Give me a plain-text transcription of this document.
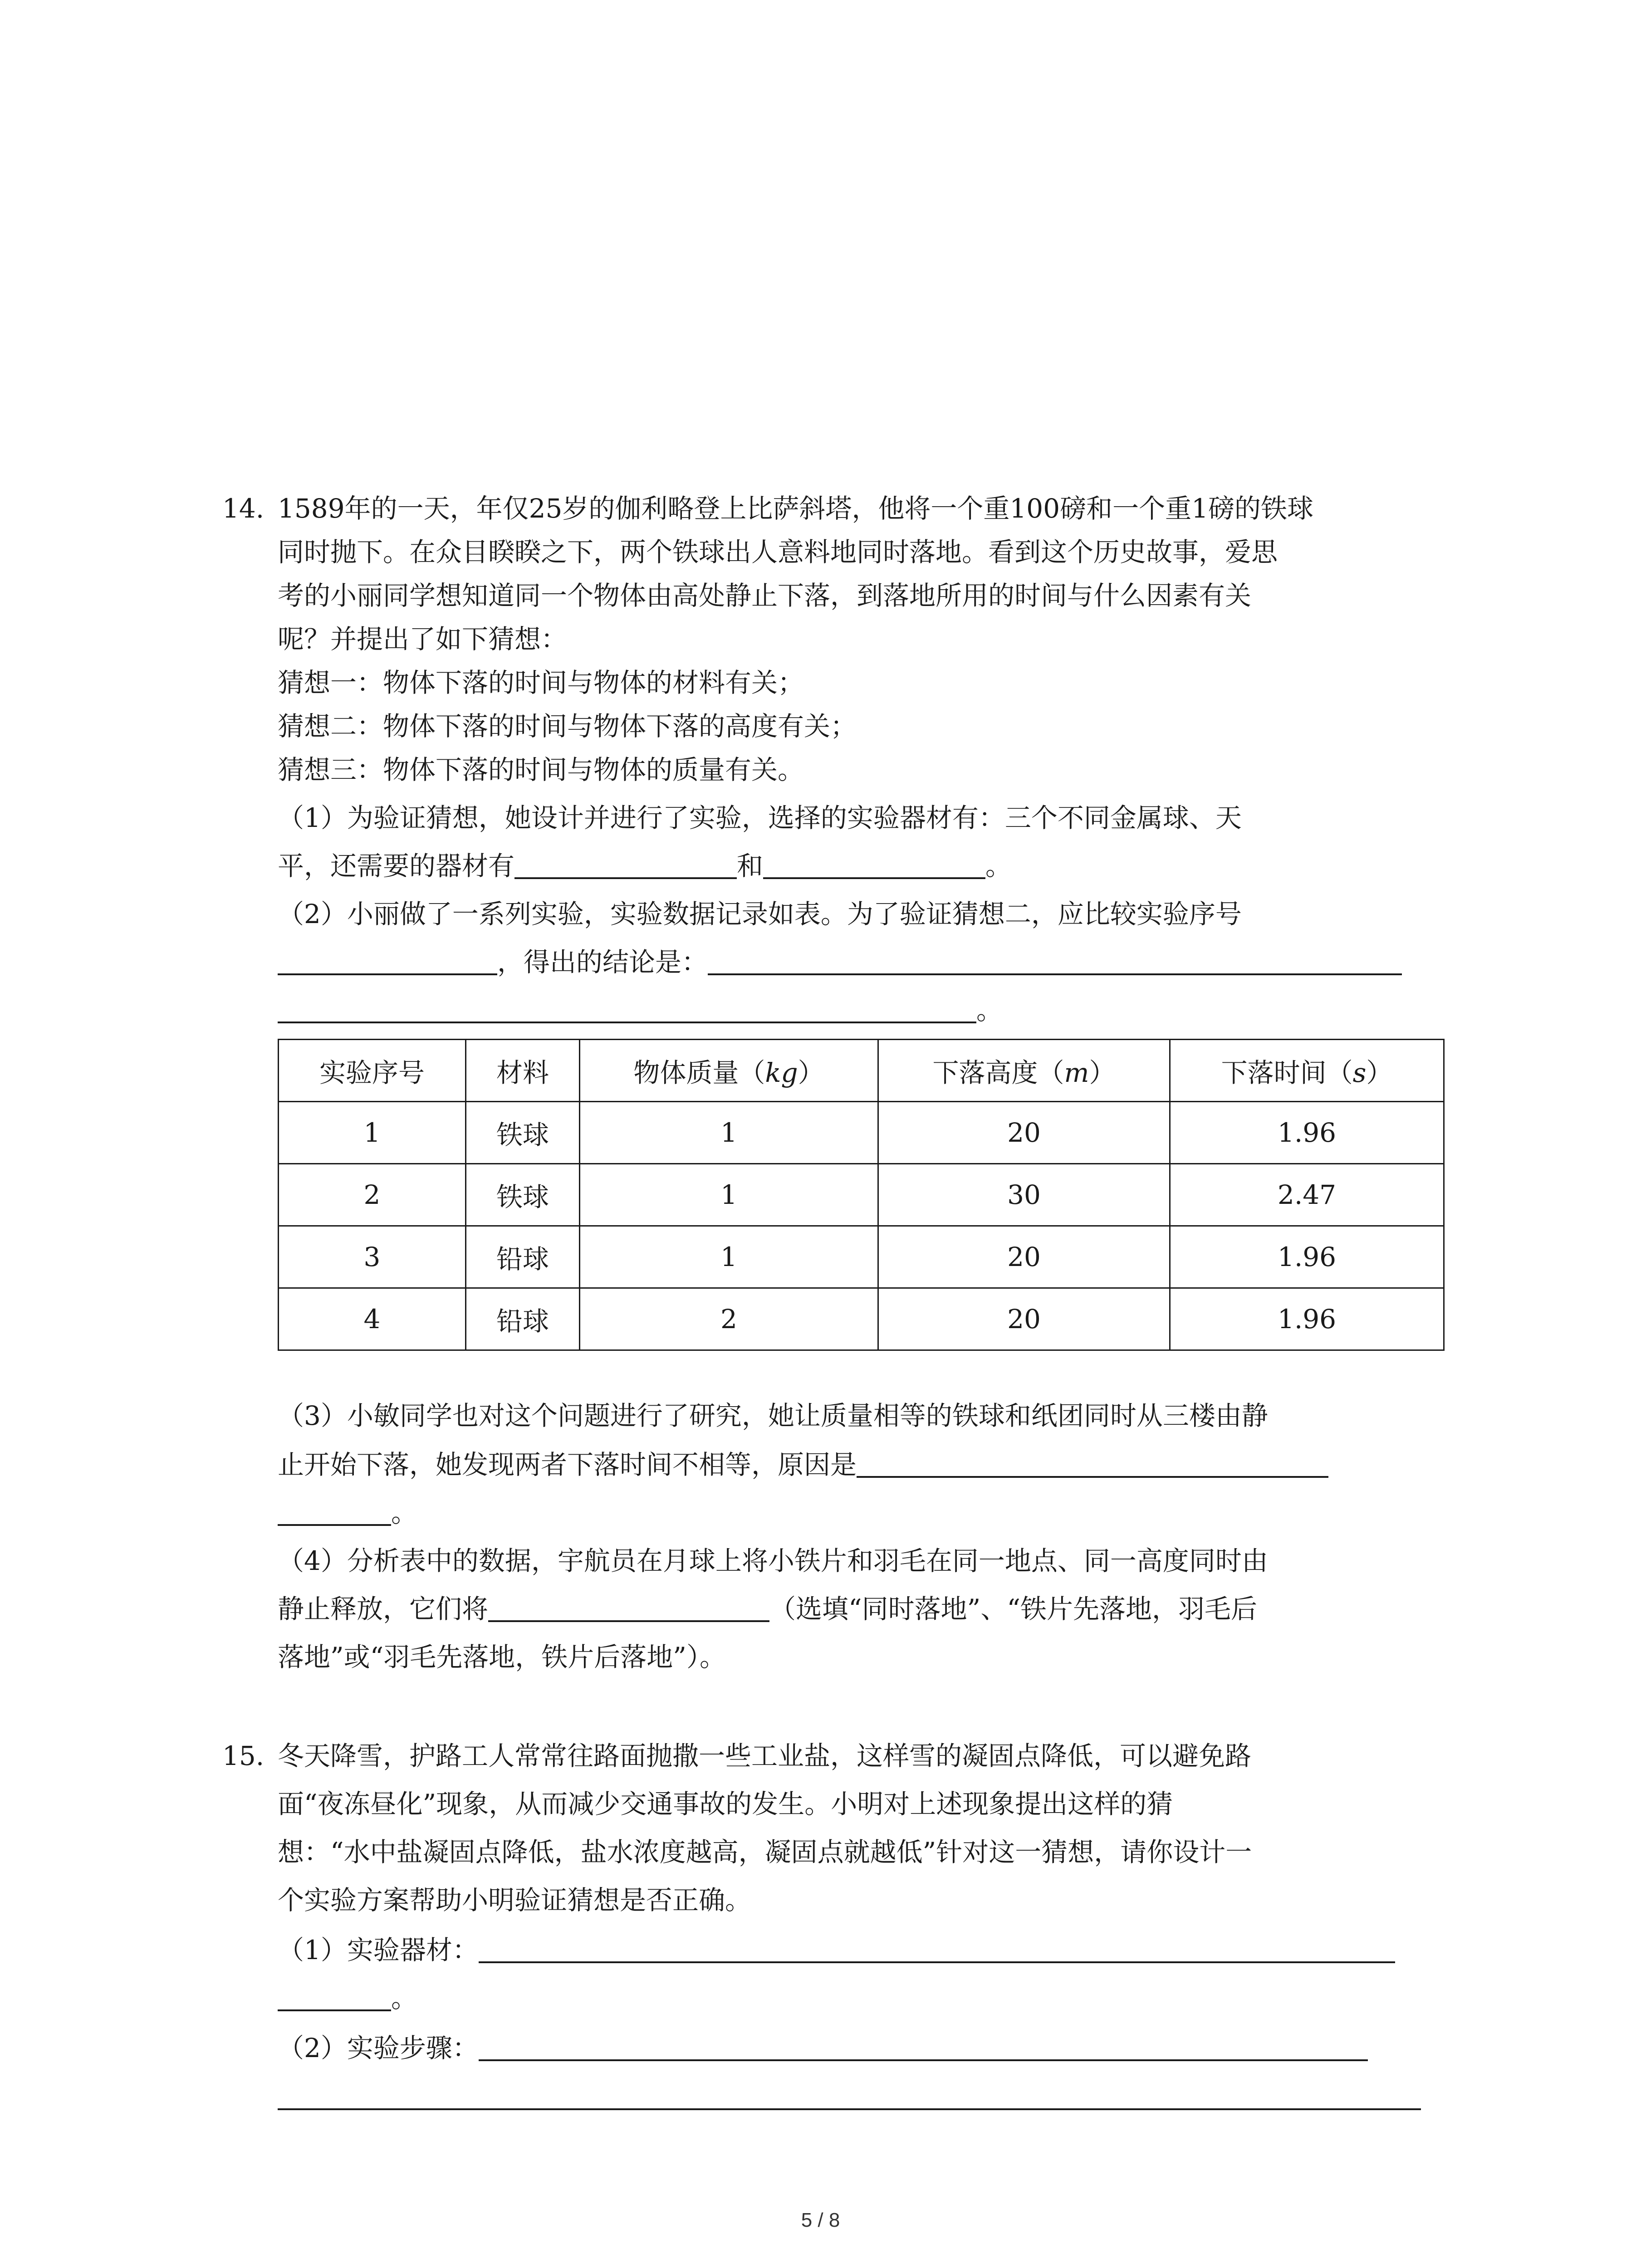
14. 1589年的一天，年仅25岁的伽利略登上比萨斜塔，他将一个重100磅和一个重1磅的铁球
同时抛下。在众目睽睽之下，两个铁球出人意料地同时落地。看到这个历史故事，爱思
考的小丽同学想知道同一个物体由高处静止下落，到落地所用的时间与什么因素有关
呢？并提出了如下猜想：
猜想一：物体下落的时间与物体的材料有关；
猜想二：物体下落的时间与物体下落的高度有关；
猜想三：物体下落的时间与物体的质量有关。
（1）为验证猜想，她设计并进行了实验，选择的实验器材有：三个不同金属球、天
平，还需要的器材有	和	。
（2）小丽做了一系列实验，实验数据记录如表。为了验证猜想二，应比较实验序号
，得出的结论是：
。
实验序号	材料	物体质量（kg）	下落高度（m）	下落时间（s）
1	铁球	1	20	1.96
2	铁球	1	30	2.47
3	铅球	1	20	1.96
4	铅球	2	20	1.96
（3）小敏同学也对这个问题进行了研究，她让质量相等的铁球和纸团同时从三楼由静
止开始下落，她发现两者下落时间不相等，原因是
。
（4）分析表中的数据，宇航员在月球上将小铁片和羽毛在同一地点、同一高度同时由
静止释放，它们将	（选填“同时落地”、“铁片先落地，羽毛后
落地”或“羽毛先落地，铁片后落地”）。
15. 冬天降雪，护路工人常常往路面抛撒一些工业盐，这样雪的凝固点降低，可以避免路
面“夜冻昼化”现象，从而减少交通事故的发生。小明对上述现象提出这样的猜
想：“水中盐凝固点降低，盐水浓度越高，凝固点就越低”针对这一猜想，请你设计一
个实验方案帮助小明验证猜想是否正确。
（1）实验器材：
。
（2）实验步骤：
5 / 8
